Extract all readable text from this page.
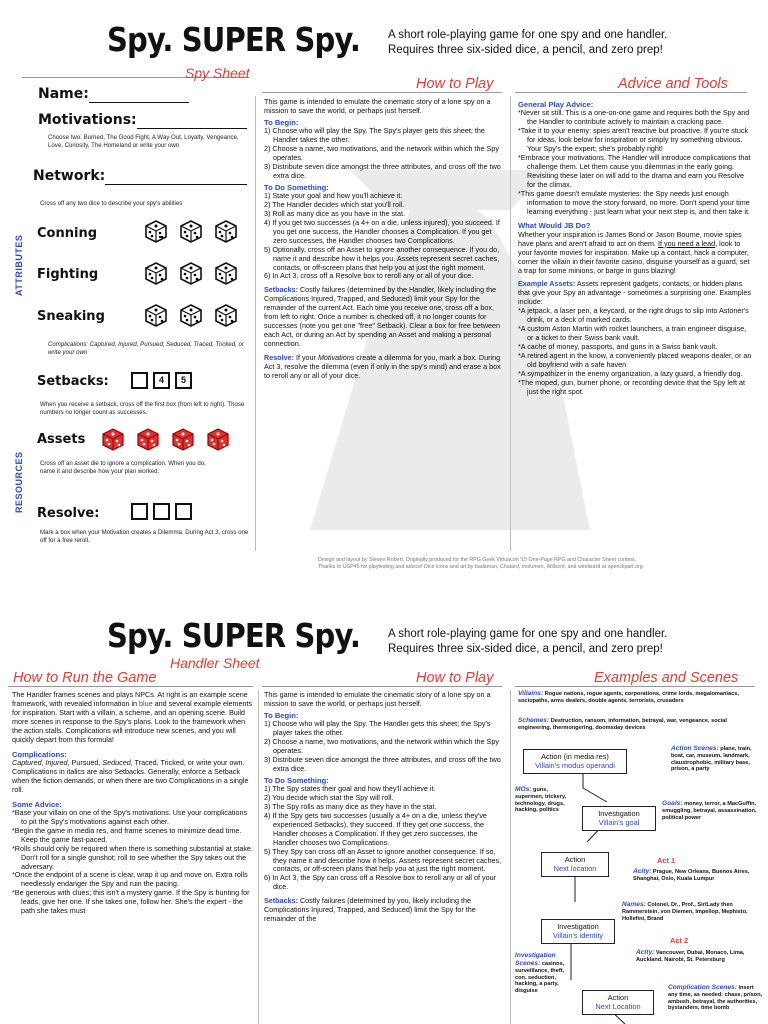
Spy. SUPER Spy. A short role-playing game for one spy and one handler.
Requires three six-sided dice, a pencil, and zero prep!
Spy Sheet
How to Play	Advice and Tools
Name:
Motivations:
Choose two: Burned, The Good Fight, A Way Out, Loyalty, Vengeance, Love, Curiosity, The Homeland or write your own
Network:
Cross off any two dice to describe your spy's abilities
ATTRIBUTES
Conning
Fighting
Sneaking
Complications: Captured, Injured, Pursued, Seduced, Traced, Tricked, or write your own
Setbacks:	4 5
When you receive a setback, cross off the first box (from left to right). Those numbers no longer count as successes.
Assets
Cross off an asset die to ignore a complication. When you do, name it and describe how your plan worked.
RESOURCES
Resolve:
Mark a box when your Motivation creates a Dilemma. During Act 3, cross one off for a free reroll.
This game is intended to emulate the cinematic story of a lone spy on a mission to save the world, or perhaps just herself.
To Begin:
1) Choose who will play the Spy. The Spy's player gets this sheet; the Handler takes the other.
2) Choose a name, two motivations, and the network within which the Spy operates.
3) Distribute seven dice amongst the three attributes, and cross off the two extra dice.
To Do Something:
1) State your goal and how you'll achieve it.
2) The Handler decides which stat you'll roll.
3) Roll as many dice as you have in the stat.
4) If you get two successes (a 4+ on a die, unless injured), you succeed. If you get one success, the Handler chooses a Complication. If you get zero successes, the Handler chooses two Complications.
5) Optionally, cross off an Asset to ignore another consequence. If you do, name it and describe how it helps you. Assets represent secret caches, contacts, or off-screen plans that help you at just the right moment.
6) In Act 3, cross off a Resolve box to reroll any or all of your dice.
Setbacks: Costly failures (determined by the Handler, likely including the Complications Injured, Trapped, and Seduced) limit your Spy for the remainder of the current Act. Each time you receive one, cross off a box, from left to right. Once a number is checked off, it no longer counts for successes (note you get one "free" Setback). Clear a box for free between each Act, or during an Act by spending an Asset and making a personal connection.
Resolve: If your Motivations create a dilemma for you, mark a box. During Act 3, resolve the dilemma (even if only in the spy's mind) and erase a box to reroll any or all of your dice.
General Play Advice:
*Never sit still. This is a one-on-one game and requires both the Spy and the Handler to contribute actively to maintain a cracking pace.
*Take it to your enemy: spies aren't reactive but proactive. If you're stuck for ideas, look below for inspiration or simply try something obvious. Your Spy's the expert; she's probably right!
*Embrace your motivations. The Handler will introduce complications that challenge them. Let them cause you dilemmas in the early going. Revisiting these later on will add to the drama and earn you Resolve for the climax.
*This game doesn't emulate mysteries: the Spy needs just enough information to move the story forward, no more. Don't spend your time learning everything - just learn what your next step is, and then take it.
What Would JB Do?
Whether your inspiration is James Bond or Jason Bourne, movie spies have plans and aren't afraid to act on them. If you need a lead, look to your favorite movies for inspiration. Make up a contact, hack a computer, corner the villain in their favorite casino, disguise yourself as a guard, set a trap for some minions, or barge in guns blazing!
Example Assets: Assets represent gadgets, contacts, or hidden plans that give your Spy an advantage - sometimes a surprising one. Examples include:
*A jetpack, a laser pen, a keycard, or the right drugs to slip into Astoner's drink, or a deck of marked cards.
*A custom Aston Martin with rocket launchers, a train engineer disguise, or a ticket to their Swiss bank vault.
*A cache of money, passports, and guns in a Swiss bank vault.
*A retired agent in the know, a conveniently placed weapons dealer, or an old boyfriend with a safe haven
*A sympathizer in the enemy organization, a lazy guard, a friendly dog.
*The moped, gun, burner phone, or recording device that the Spy left at just the right spot.
Design and layout by Steven Robert. Originally produced for the RPG Geek Virtuacon '15 One-Page RPG and Character Sheet contest.
Thanks to USP45 for playtesting and advice! Dice icons and art by badaman, Chatard, molumen, Willscrit, and wirelizard at openclipart.org.
Spy. SUPER Spy. A short role-playing game for one spy and one handler.
Requires three six-sided dice, a pencil, and zero prep!
Handler Sheet
How to Run the Game	How to Play	Examples and Scenes
The Handler frames scenes and plays NPCs. At right is an example scene framework, with revealed information in blue and several example elements for inspiration. Start with a villain, a scheme, and an opening scene. Build more scenes in response to the Spy's plans. Look to the framework when the action stalls. Complications will introduce new scenes, and you will quickly depart from this formula!
Complications:
Captured, Injured, Pursued, Seduced, Traced, Tricked, or write your own.
Complications in italics are also Setbacks. Generally, enforce a Setback when the fiction demands, or when there are two Complications in a single roll.
Some Advice:
*Base your villain on one of the Spy's motivations. Use your complications to pit the Spy's motivations against each other.
*Begin the game in media res, and frame scenes to minimize dead time. Keep the game fast-paced.
*Rolls should only be required when there is something substantial at stake. Don't roll for a single gunshot; roll to see whether the Spy takes out the adversary.
*Once the endpoint of a scene is clear, wrap it up and move on. Extra rolls needlessly endanger the Spy and ruin the pacing.
*Be generous with clues; this isn't a mystery game. If the Spy is hunting for leads, give her one. If she takes one, follow her. She's the expert - the path she takes must
This game is intended to emulate the cinematic story of a lone spy on a mission to save the world, or perhaps just herself.
To Begin:
1) Choose who will play the Spy. The Handler gets this sheet; the Spy's player takes the other.
2) Choose a name, two motivations, and the network within which the Spy operates.
3) Distribute seven dice amongst the three attributes, and cross off the two extra dice.
To Do Something:
1) The Spy states their goal and how they'll achieve it.
2) You decide which stat the Spy will roll.
3) The Spy rolls as many dice as they have in the stat.
4) If the Spy gets two successes (usually a 4+ on a die, unless they've experienced Setbacks), they succeed. If they get one success, the Handler chooses a Complication. If they get zero successes, the Handler chooses two Complications.
5) They Spy can cross off an Asset to ignore another consequence. If so, they name it and describe how it helps. Assets represent secret caches, contacts, or off-screen plans that help you at just the right moment.
6) In Act 3, the Spy can cross off a Resolve box to reroll any or all of your dice.
Setbacks: Costly failures (determined by you, likely including the Complications Injured, Trapped, and Seduced) limit the Spy for the remainder of the
Villains: Rogue nations, rogue agents, corporations, crime lords, megalomaniacs, sociopaths, arms dealers, double agents, terrorists, crusaders
Schemes: Destruction, ransom, information, betrayal, war, vengeance, social engineering, thermongering, doomsday devices
Action (in media res)
Villain's modus operandi
Investigation
Villain's goal
Action
Next location
Investigation
Villain's identity
Action
Next Location
Action Scenes: plane, train, boat, car, museum, landmark, claustrophobic, military base, prison, a party
MOs: guns, supermen, trickery, technology, drugs, hacking, politics
Goals: money, terror, a MacGuffin, smuggling, betrayal, assassination, political power
Act 1
Acity: Prague, New Orleans, Buenos Aires, Shanghai, Oslo, Kuala Lumpur
Names: Colonel, Dr., Prof., Sir/Lady then Rammerstein, von Diemen, Impellop, Mephisto, Hollefini, Brand
Act 2
Acity: Vancouver, Dubai, Monaco, Lima, Auckland, Nairobi, St. Petersburg
Investigation Scenes: casinos, surveillance, theft, con, seduction, hacking, a party, disguise	Complication Scenes: insert any time, as needed: chase, prison, ambush, betrayal, the authorities, bystanders, time bomb
